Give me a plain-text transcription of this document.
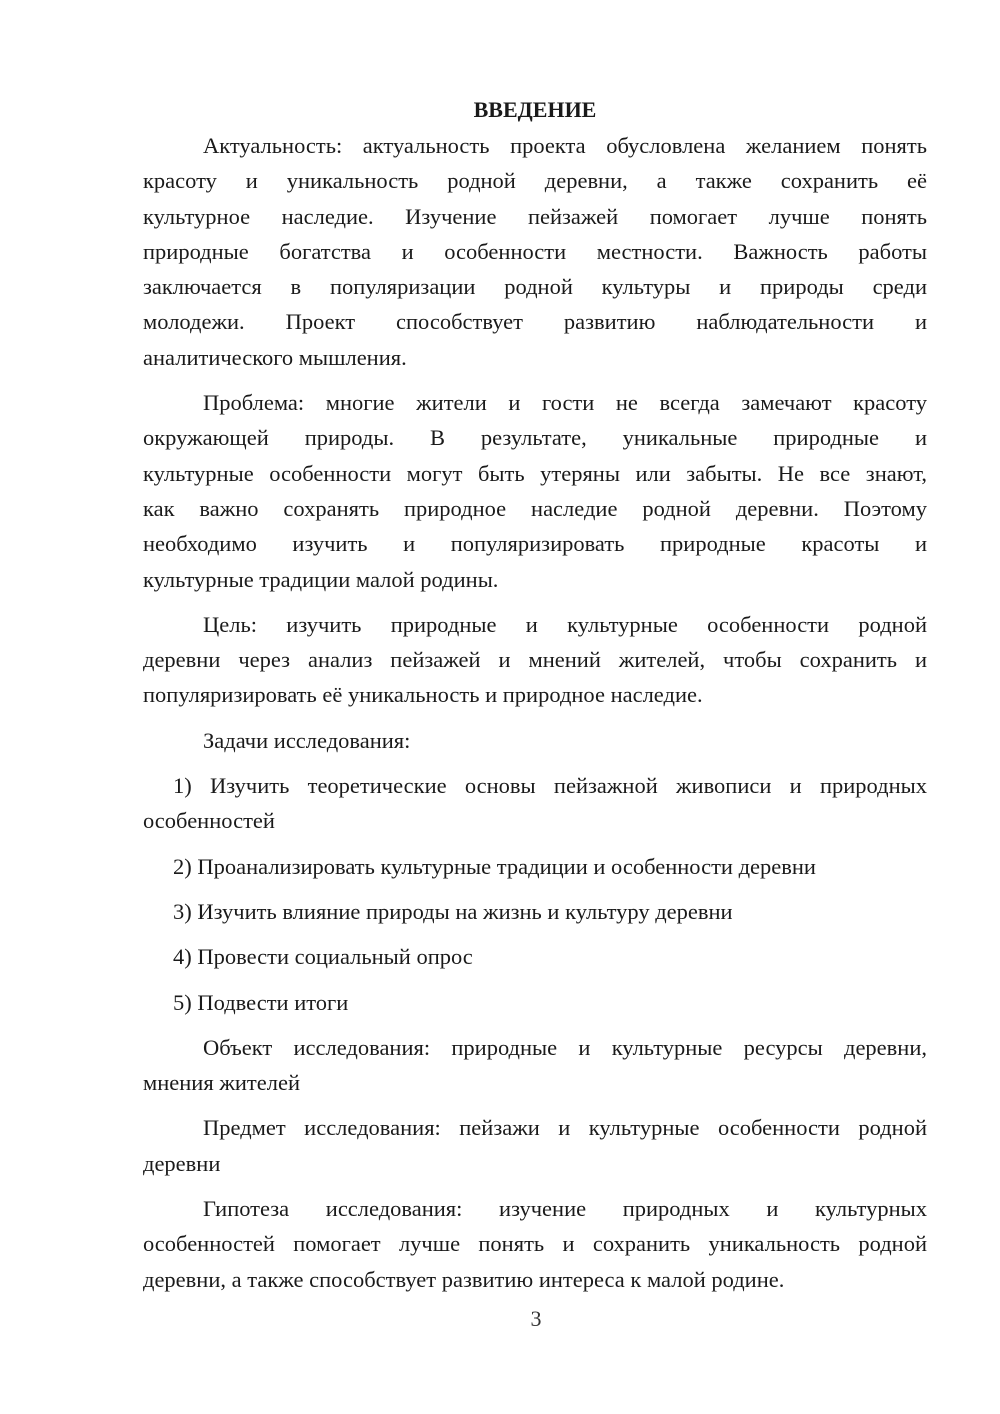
ВВЕДЕНИЕ
Актуальность: актуальность проекта обусловлена желанием понять
красоту и уникальность родной деревни, а также сохранить её
культурное наследие. Изучение пейзажей помогает лучше понять
природные богатства и особенности местности. Важность работы
заключается в популяризации родной культуры и природы среди
молодежи. Проект способствует развитию наблюдательности и
аналитического мышления.
Проблема: многие жители и гости не всегда замечают красоту
окружающей природы. В результате, уникальные природные и
культурные особенности могут быть утеряны или забыты. Не все знают,
как важно сохранять природное наследие родной деревни. Поэтому
необходимо изучить и популяризировать природные красоты и
культурные традиции малой родины.
Цель: изучить природные и культурные особенности родной
деревни через анализ пейзажей и мнений жителей, чтобы сохранить и
популяризировать её уникальность и природное наследие.
Задачи исследования:
1) Изучить теоретические основы пейзажной живописи и природных
особенностей
2) Проанализировать культурные традиции и особенности деревни
3) Изучить влияние природы на жизнь и культуру деревни
4) Провести социальный опрос
5) Подвести итоги
Объект исследования: природные и культурные ресурсы деревни,
мнения жителей
Предмет исследования: пейзажи и культурные особенности родной
деревни
Гипотеза исследования: изучение природных и культурных
особенностей помогает лучше понять и сохранить уникальность родной
деревни, а также способствует развитию интереса к малой родине.
3
